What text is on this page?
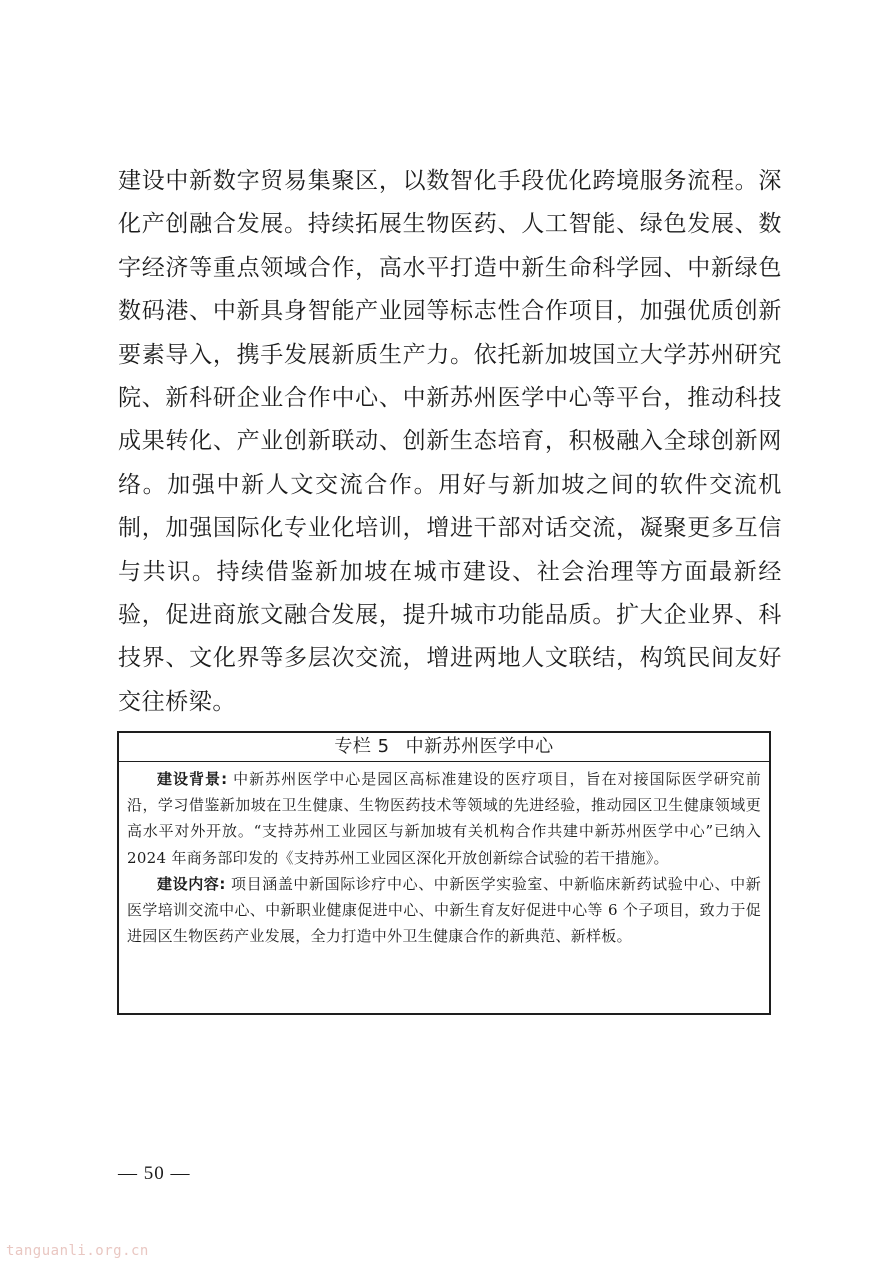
建设中新数字贸易集聚区，以数智化手段优化跨境服务流程。深化产创融合发展。持续拓展生物医药、人工智能、绿色发展、数字经济等重点领域合作，高水平打造中新生命科学园、中新绿色数码港、中新具身智能产业园等标志性合作项目，加强优质创新要素导入，携手发展新质生产力。依托新加坡国立大学苏州研究院、新科研企业合作中心、中新苏州医学中心等平台，推动科技成果转化、产业创新联动、创新生态培育，积极融入全球创新网络。加强中新人文交流合作。用好与新加坡之间的软件交流机制，加强国际化专业化培训，增进干部对话交流，凝聚更多互信与共识。持续借鉴新加坡在城市建设、社会治理等方面最新经验，促进商旅文融合发展，提升城市功能品质。扩大企业界、科技界、文化界等多层次交流，增进两地人文联结，构筑民间友好交往桥梁。

专栏 5 中新苏州医学中心

建设背景: 中新苏州医学中心是园区高标准建设的医疗项目，旨在对接国际医学研究前沿，学习借鉴新加坡在卫生健康、生物医药技术等领域的先进经验，推动园区卫生健康领域更高水平对外开放。“支持苏州工业园区与新加坡有关机构合作共建中新苏州医学中心”已纳入 2024 年商务部印发的《支持苏州工业园区深化开放创新综合试验的若干措施》。

建设内容: 项目涵盖中新国际诊疗中心、中新医学实验室、中新临床新药试验中心、中新医学培训交流中心、中新职业健康促进中心、中新生育友好促进中心等 6 个子项目，致力于促进园区生物医药产业发展，全力打造中外卫生健康合作的新典范、新样板。

— 50 —
tanguanli.org.cn
